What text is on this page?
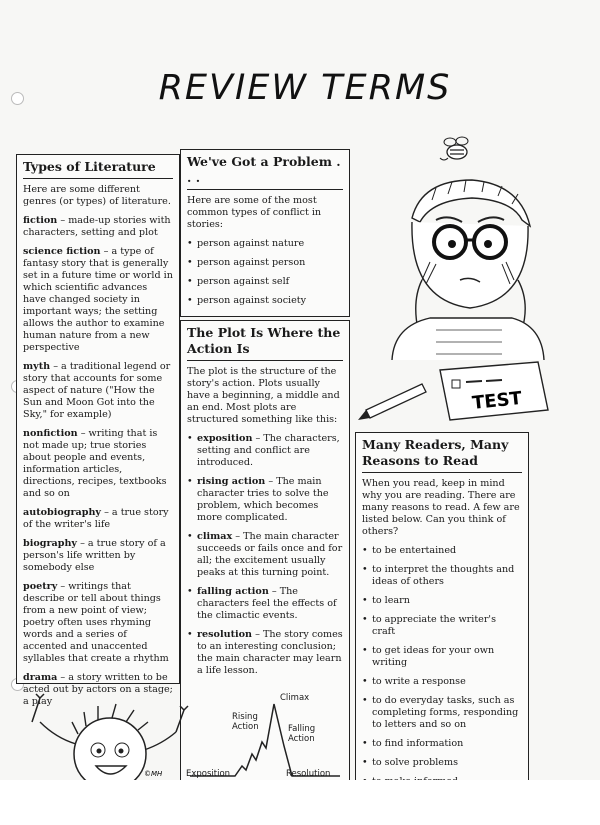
REVIEW TERMS
Types of Literature

Here are some different genres (or types) of literature.

fiction – made-up stories with characters, setting and plot

science fiction – a type of fantasy story that is generally set in a future time or world in which scientific advances have changed society in important ways; the setting allows the author to examine human nature from a new perspective

myth – a traditional legend or story that accounts for some aspect of nature ("How the Sun and Moon Got into the Sky," for example)

nonfiction – writing that is not made up; true stories about people and events, information articles, directions, recipes, textbooks and so on

autobiography – a true story of the writer's life

biography – a true story of a person's life written by somebody else

poetry – writings that describe or tell about things from a new point of view; poetry often uses rhyming words and a series of accented and unaccented syllables that create a rhythm

drama – a story written to be acted out by actors on a stage; a play

We've Got a Problem . . .

Here are some of the most common types of conflict in stories:

• person against nature
• person against person
• person against self
• person against society
The Plot Is Where the Action Is

The plot is the structure of the story's action. Plots usually have a beginning, a middle and an end. Most plots are structured something like this:

• exposition – The characters, setting and conflict are introduced.
• rising action – The main character tries to solve the problem, which becomes more complicated.
• climax – The main character succeeds or fails once and for all; the excitement usually peaks at this turning point.
• falling action – The characters feel the effects of the climactic events.
• resolution – The story comes to an interesting conclusion; the main character may learn a life lesson.
Climax
Rising Action	Falling Action
Exposition	Resolution
Many Readers, Many Reasons to Read

When you read, keep in mind why you are reading. There are many reasons to read. A few are listed below. Can you think of others?

• to be entertained
• to interpret the thoughts and ideas of others
• to learn
• to appreciate the writer's craft
• to get ideas for your own writing
• to write a response
• to do everyday tasks, such as completing forms, responding to letters and so on
• to find information
• to solve problems
•
TEST
©MH
